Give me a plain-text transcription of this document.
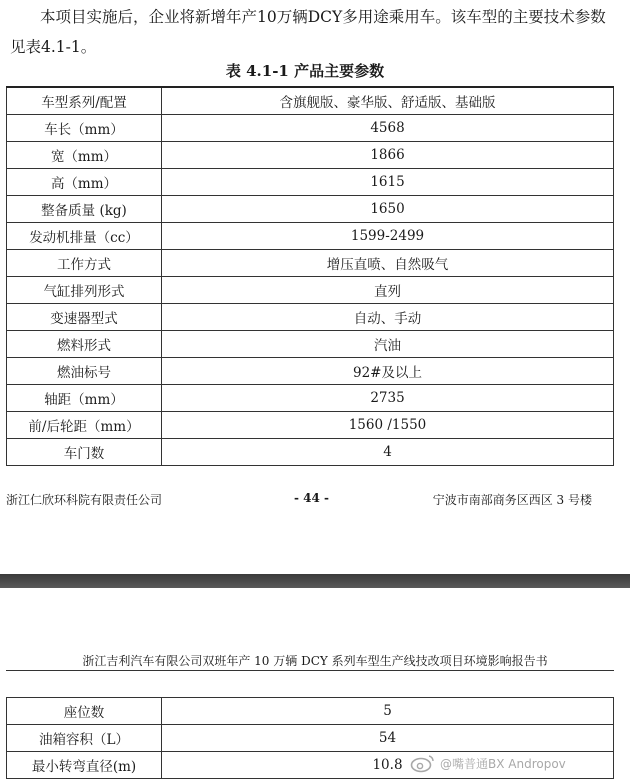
本项目实施后，企业将新增年产10万辆DCY多用途乘用车。该车型的主要技术参数见表4.1-1。

表 4.1-1 产品主要参数
车型系列/配置	含旗舰版、豪华版、舒适版、基础版
车长（mm）	4568
宽（mm）	1866
高（mm）	1615
整备质量 (kg)	1650
发动机排量（cc）	1599-2499
工作方式	增压直喷、自然吸气
气缸排列形式	直列
变速器型式	自动、手动
燃料形式	汽油
燃油标号	92#及以上
轴距（mm）	2735
前/后轮距（mm）	1560 /1550
车门数	4
浙江仁欣环科院有限责任公司	- 44 -	宁波市南部商务区西区 3 号楼
浙江吉利汽车有限公司双班年产 10 万辆 DCY 系列车型生产线技改项目环境影响报告书
座位数	5
油箱容积（L）	54
最小转弯直径(m)	10.8	@嘴普通BX Andropov
